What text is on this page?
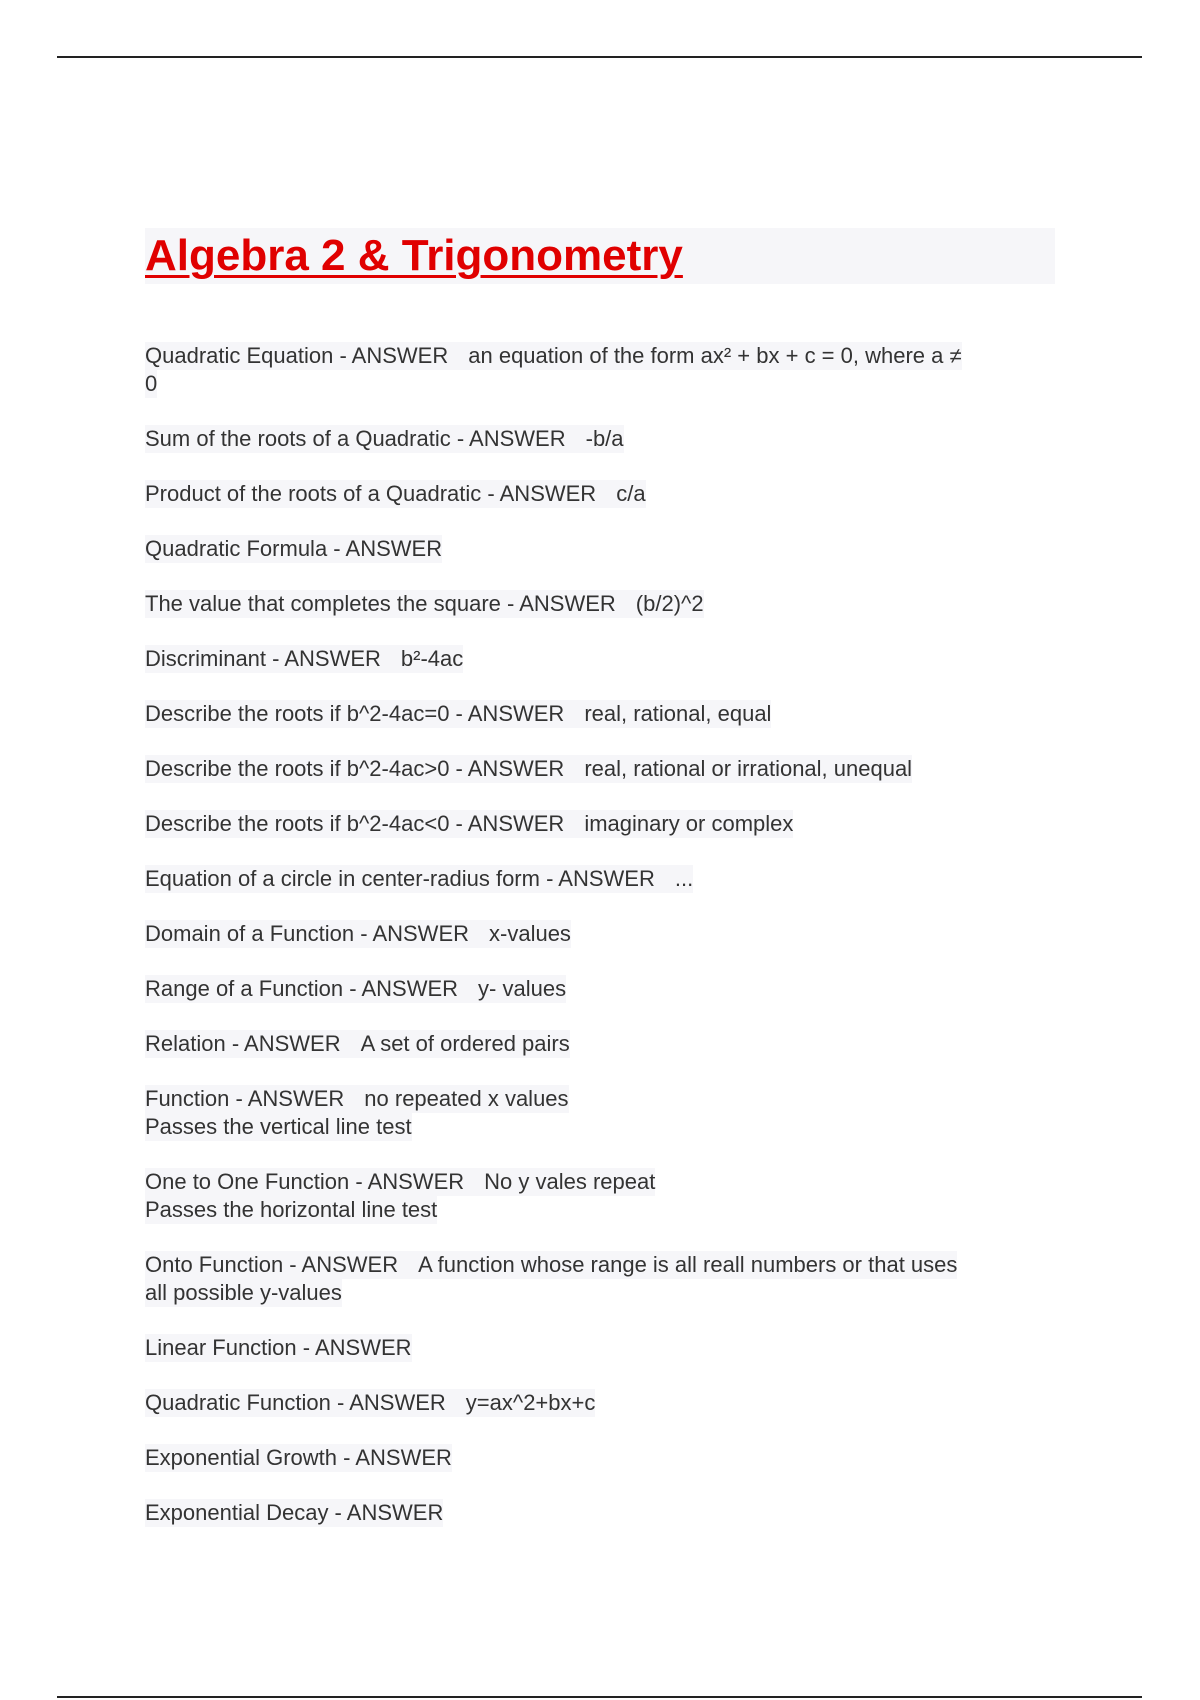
Algebra 2 & Trigonometry
Quadratic Equation - ANSWER an equation of the form ax² + bx + c = 0, where a ≠
0
Sum of the roots of a Quadratic - ANSWER -b/a
Product of the roots of a Quadratic - ANSWER c/a
Quadratic Formula - ANSWER
The value that completes the square - ANSWER (b/2)^2
Discriminant - ANSWER b²-4ac
Describe the roots if b^2-4ac=0 - ANSWER real, rational, equal
Describe the roots if b^2-4ac>0 - ANSWER real, rational or irrational, unequal
Describe the roots if b^2-4ac<0 - ANSWER imaginary or complex
Equation of a circle in center-radius form - ANSWER ...
Domain of a Function - ANSWER x-values
Range of a Function - ANSWER y- values
Relation - ANSWER A set of ordered pairs
Function - ANSWER no repeated x values
Passes the vertical line test
One to One Function - ANSWER No y vales repeat
Passes the horizontal line test
Onto Function - ANSWER A function whose range is all reall numbers or that uses
all possible y-values
Linear Function - ANSWER
Quadratic Function - ANSWER y=ax^2+bx+c
Exponential Growth - ANSWER
Exponential Decay - ANSWER
